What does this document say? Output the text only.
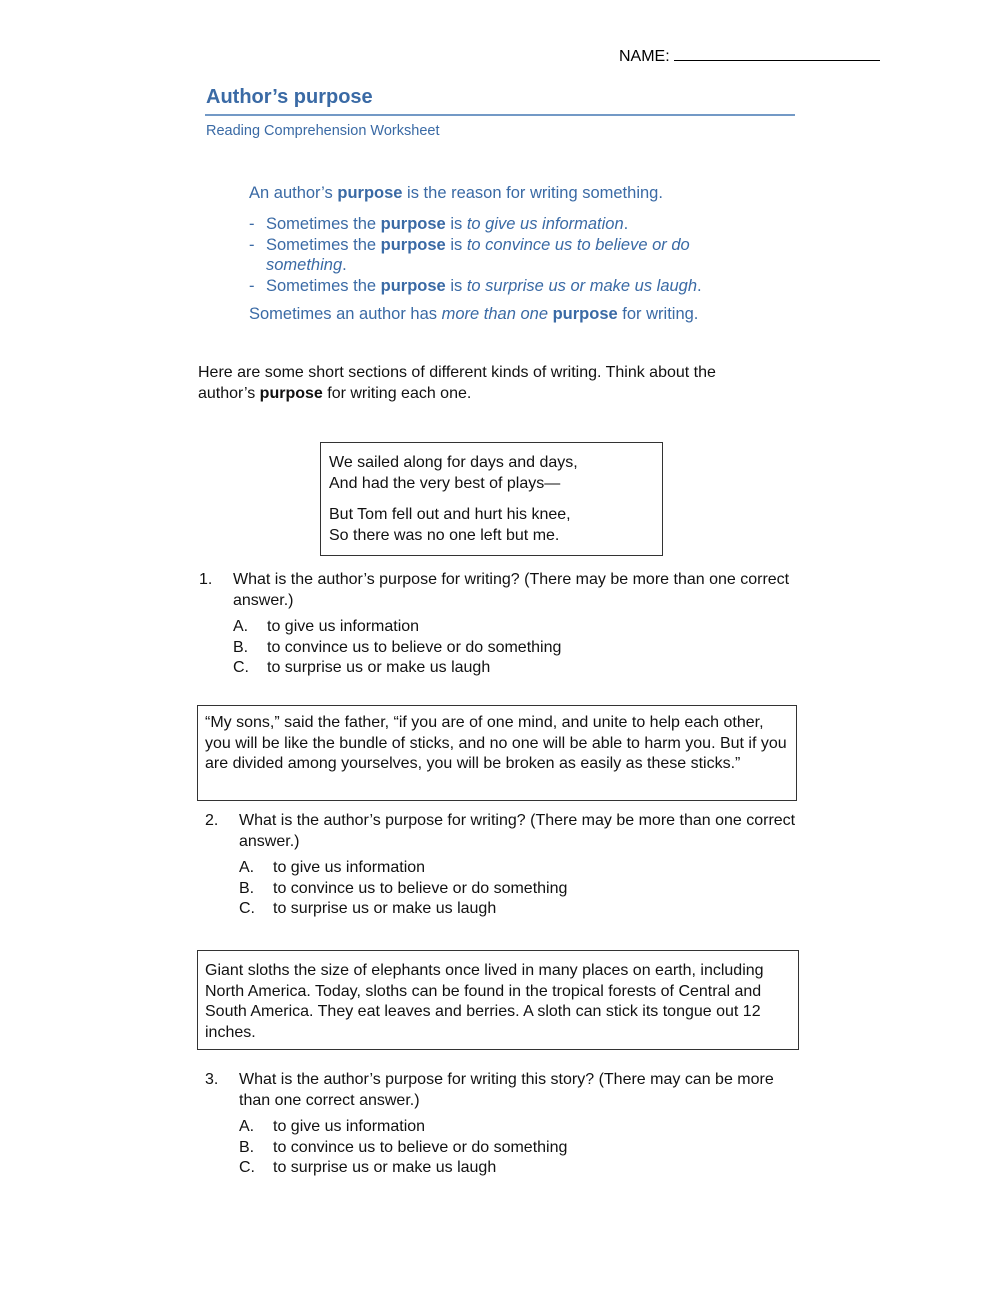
NAME:
Author’s purpose
Reading Comprehension Worksheet
An author’s purpose is the reason for writing something.
- Sometimes the purpose is to give us information.
- Sometimes the purpose is to convince us to believe or do something.
- Sometimes the purpose is to surprise us or make us laugh.
Sometimes an author has more than one purpose for writing.
Here are some short sections of different kinds of writing. Think about the
author’s purpose for writing each one.
We sailed along for days and days,
And had the very best of plays—
But Tom fell out and hurt his knee,
So there was no one left but me.
1. What is the author’s purpose for writing? (There may be more than one correct answer.)
A. to give us information
B. to convince us to believe or do something
C. to surprise us or make us laugh
“My sons,” said the father, “if you are of one mind, and unite to help each other, you will be like the bundle of sticks, and no one will be able to harm you. But if you are divided among yourselves, you will be broken as easily as these sticks.”
2. What is the author’s purpose for writing? (There may be more than one correct answer.)
A. to give us information
B. to convince us to believe or do something
C. to surprise us or make us laugh
Giant sloths the size of elephants once lived in many places on earth, including North America. Today, sloths can be found in the tropical forests of Central and South America. They eat leaves and berries. A sloth can stick its tongue out 12 inches.
3. What is the author’s purpose for writing this story? (There may can be more than one correct answer.)
A. to give us information
B. to convince us to believe or do something
C. to surprise us or make us laugh
